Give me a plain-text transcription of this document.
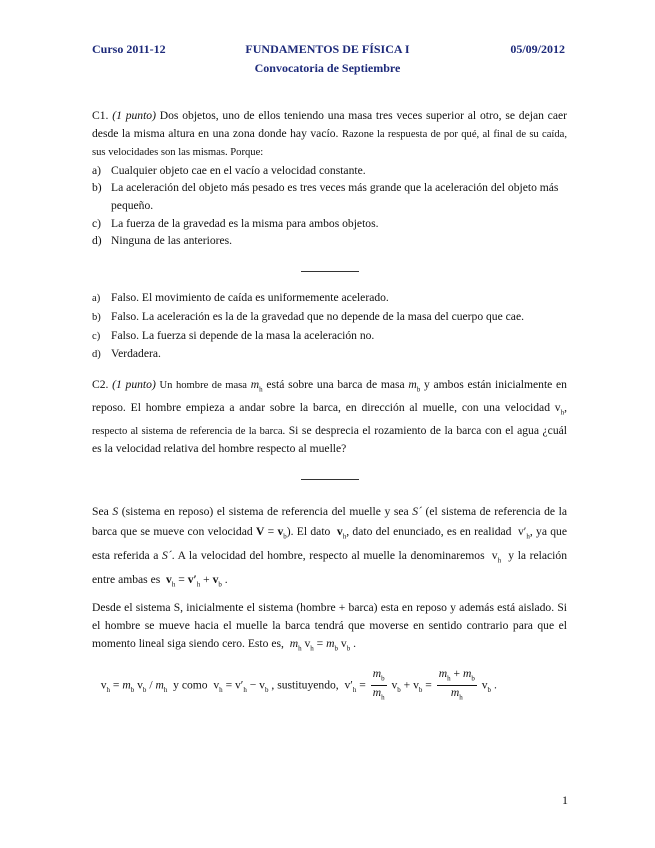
Curso 2011-12	FUNDAMENTOS DE FÍSICA I	05/09/2012
Convocatoria de Septiembre

C1. (1 punto) Dos objetos, uno de ellos teniendo una masa tres veces superior al otro, se dejan caer desde la misma altura en una zona donde hay vacío. Razone la respuesta de por qué, al final de su caída, sus velocidades son las mismas. Porque:

a) Cualquier objeto cae en el vacío a velocidad constante.

b) La aceleración del objeto más pesado es tres veces más grande que la aceleración del objeto más pequeño.

c) La fuerza de la gravedad es la misma para ambos objetos.

d) Ninguna de las anteriores.

a) Falso. El movimiento de caída es uniformemente acelerado.

b) Falso. La aceleración es la de la gravedad que no depende de la masa del cuerpo que cae.

c) Falso. La fuerza si depende de la masa la aceleración no.

d) Verdadera.

C2. (1 punto) Un hombre de masa $m_h$ está sobre una barca de masa $m_b$ y ambos están inicialmente en reposo. El hombre empieza a andar sobre la barca, en dirección al muelle, con una velocidad $v_h$, respecto al sistema de referencia de la barca. Si se desprecia el rozamiento de la barca con el agua ¿cuál es la velocidad relativa del hombre respecto al muelle?

Sea S (sistema en reposo) el sistema de referencia del muelle y sea S´ (el sistema de referencia de la barca que se mueve con velocidad $V = v_b$). El dato $v_h$, dato del enunciado, es en realidad  $v'_h$, ya que esta referida a S´. A la velocidad del hombre, respecto al muelle la denominaremos  $v_h$ y la relación entre ambas es $v_h = v'_h + v_b$ .

Desde el sistema S, inicialmente el sistema (hombre + barca) esta en reposo y además está aislado. Si el hombre se mueve hacia el muelle la barca tendrá que moverse en sentido contrario para que el momento lineal siga siendo cero. Esto es, $m_h$ $v_h = m_b$ $v_b$ .

$v_h = m_b$ $v_b / m_h$ y como  $v_h = v'_h - v_b$ , sustituyendo,  $v'_h = \frac{m_b}{m_h} v_b + v_b = \frac{m_h + m_b}{m_h} v_b$ .

1
